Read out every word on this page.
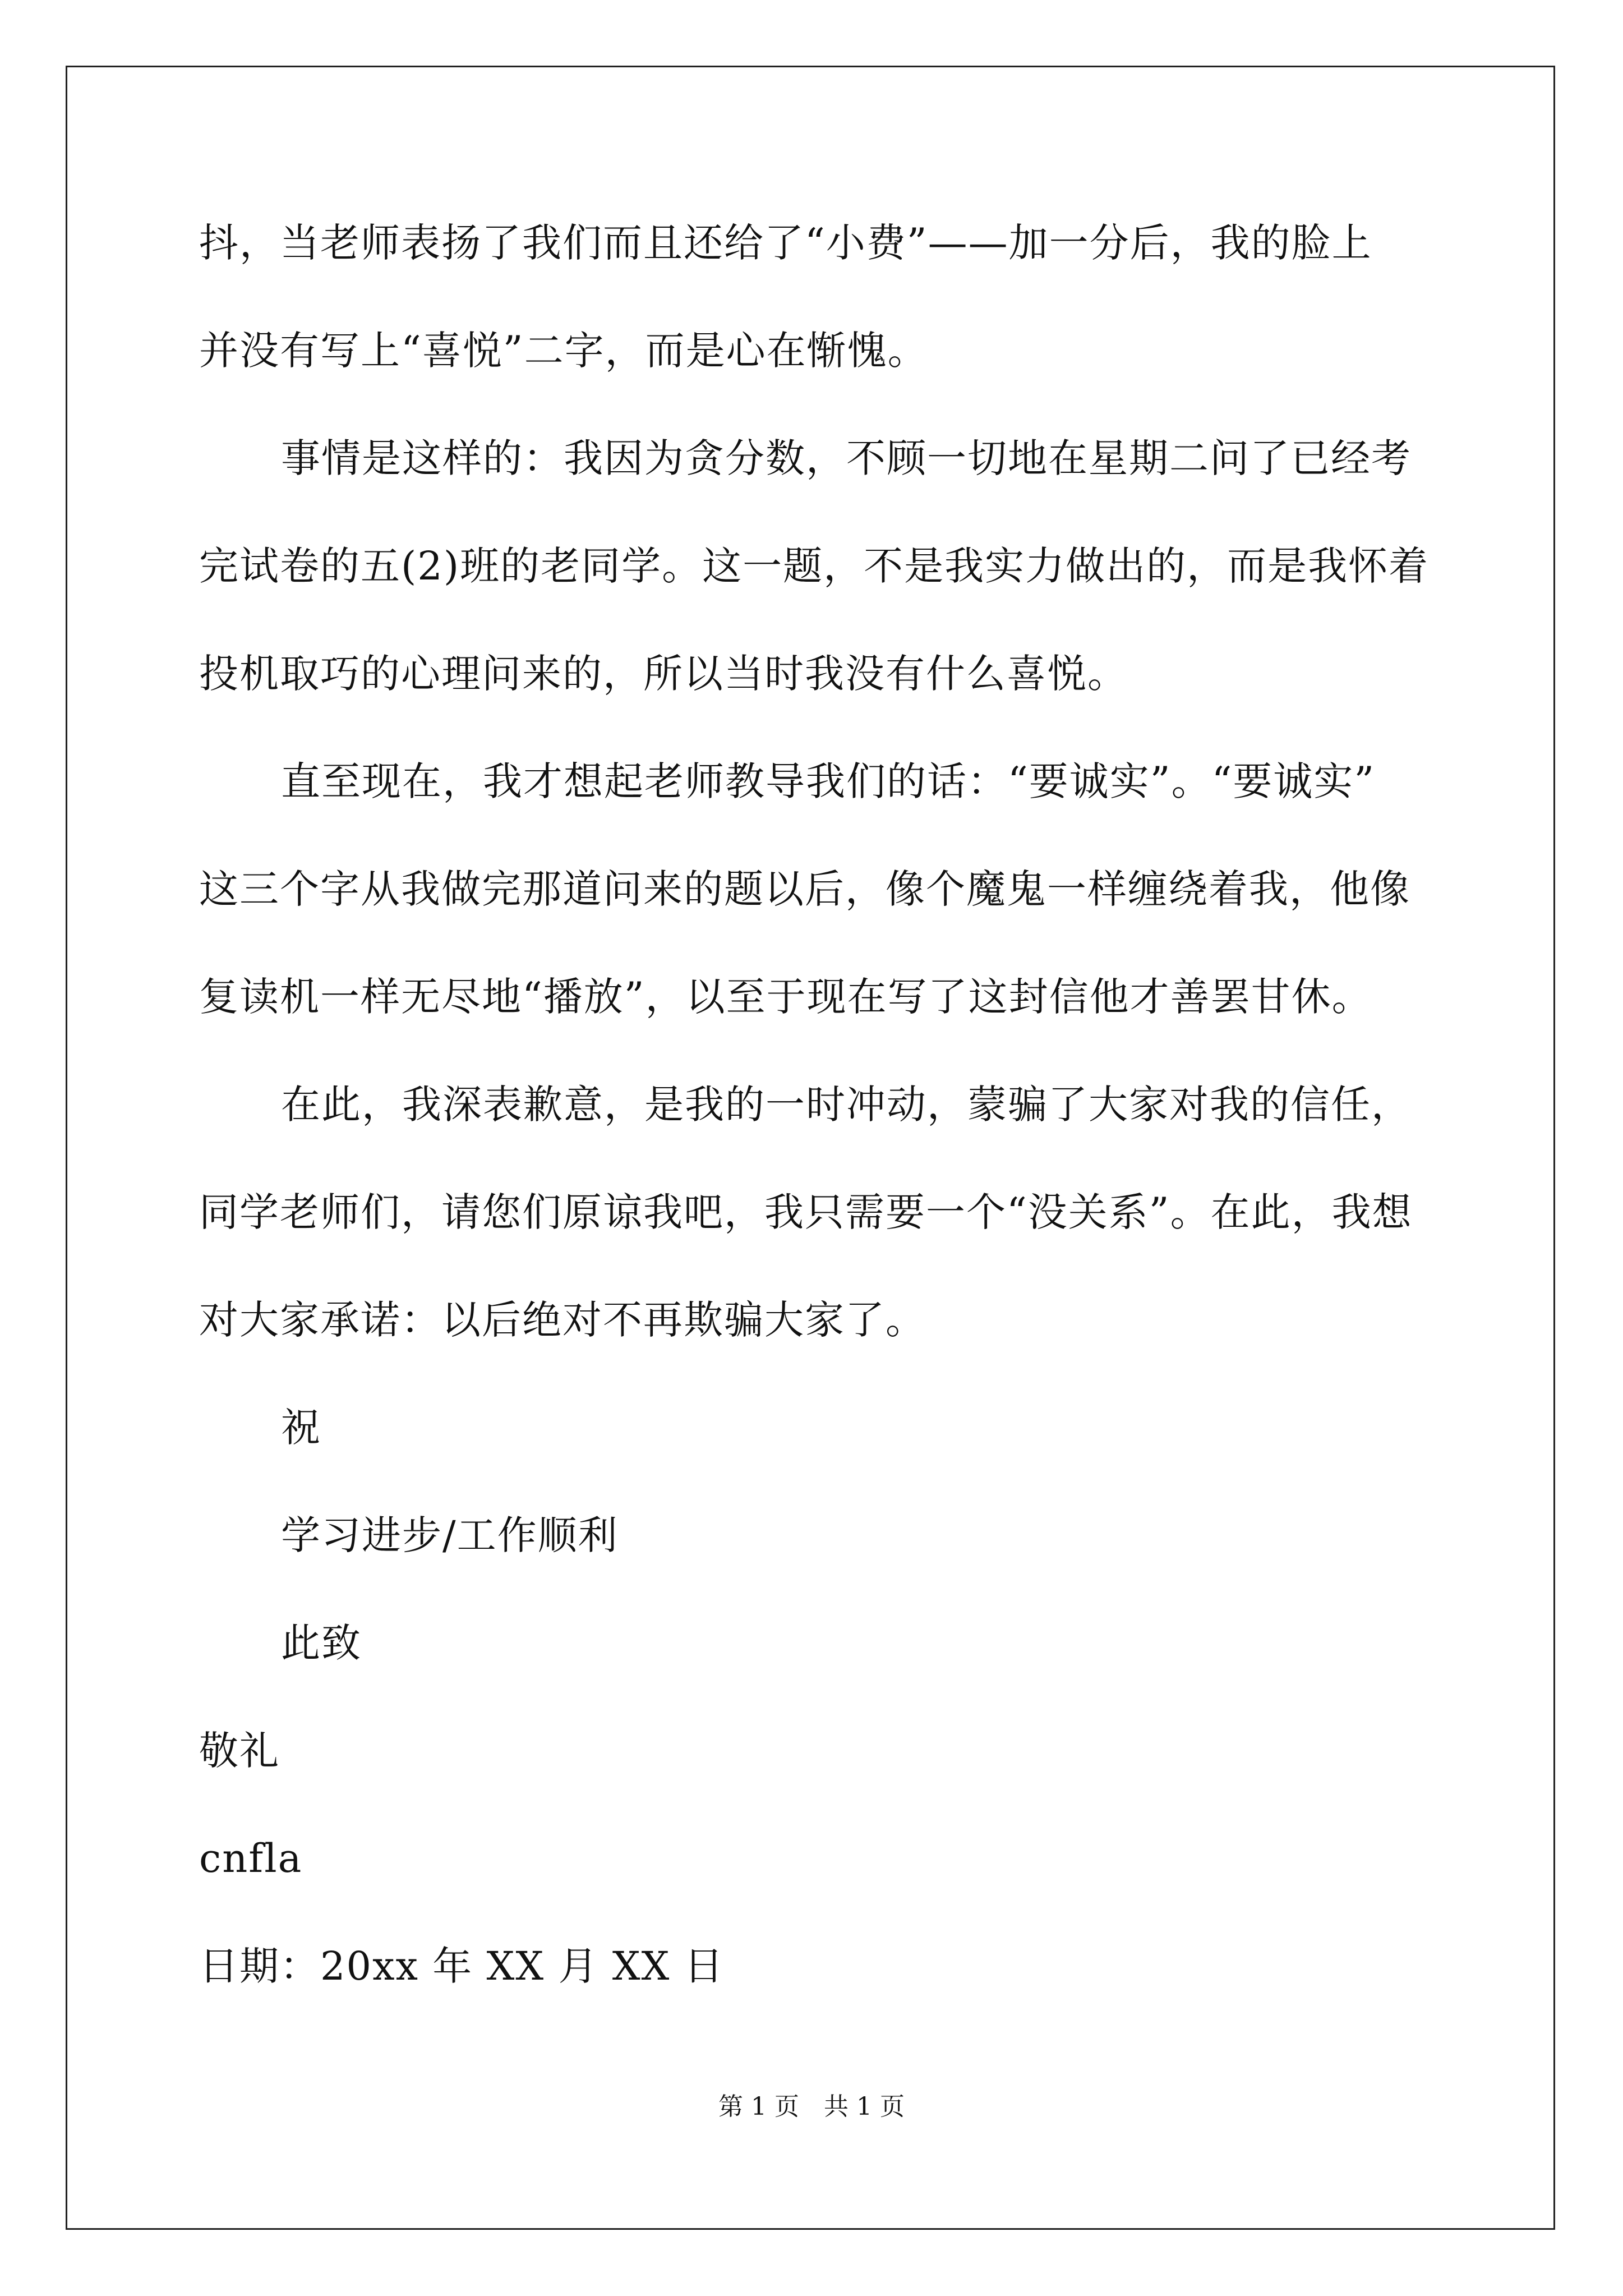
抖，当老师表扬了我们而且还给了“小费”——加一分后，我的脸上
并没有写上“喜悦”二字，而是心在惭愧。
事情是这样的：我因为贪分数，不顾一切地在星期二问了已经考
完试卷的五(2)班的老同学。这一题，不是我实力做出的，而是我怀着
投机取巧的心理问来的，所以当时我没有什么喜悦。
直至现在，我才想起老师教导我们的话：“要诚实”。“要诚实”
这三个字从我做完那道问来的题以后，像个魔鬼一样缠绕着我，他像
复读机一样无尽地“播放”，以至于现在写了这封信他才善罢甘休。
在此，我深表歉意，是我的一时冲动，蒙骗了大家对我的信任，
同学老师们，请您们原谅我吧，我只需要一个“没关系”。在此，我想
对大家承诺：以后绝对不再欺骗大家了。
祝
学习进步/工作顺利
此致
敬礼
cnfla
日期：20xx 年 XX 月 XX 日
第 1 页 共 1 页
